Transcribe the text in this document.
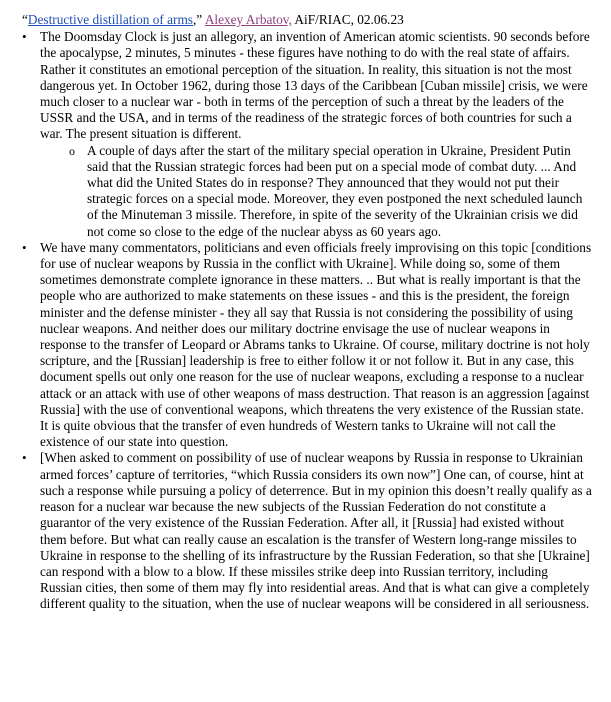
“Destructive distillation of arms,” Alexey Arbatov, AiF/RIAC, 02.06.23

•	The Doomsday Clock is just an allegory, an invention of American atomic scientists. 90 seconds before the apocalypse, 2 minutes, 5 minutes - these figures have nothing to do with the real state of affairs. Rather it constitutes an emotional perception of the situation. In reality, this situation is not the most dangerous yet. In October 1962, during those 13 days of the Caribbean [Cuban missile] crisis, we were much closer to a nuclear war - both in terms of the perception of such a threat by the leaders of the USSR and the USA, and in terms of the readiness of the strategic forces of both countries for such a war. The present situation is different.

o A couple of days after the start of the military special operation in Ukraine, President Putin said that the Russian strategic forces had been put on a special mode of combat duty. ... And what did the United States do in response? They announced that they would not put their strategic forces on a special mode. Moreover, they even postponed the next scheduled launch of the Minuteman 3 missile. Therefore, in spite of the severity of the Ukrainian crisis we did not come so close to the edge of the nuclear abyss as 60 years ago.

•	We have many commentators, politicians and even officials freely improvising on this topic [conditions for use of nuclear weapons by Russia in the conflict with Ukraine]. While doing so, some of them sometimes demonstrate complete ignorance in these matters. .. But what is really important is that the people who are authorized to make statements on these issues - and this is the president, the foreign minister and the defense minister - they all say that Russia is not considering the possibility of using nuclear weapons. And neither does our military doctrine envisage the use of nuclear weapons in response to the transfer of Leopard or Abrams tanks to Ukraine. Of course, military doctrine is not holy scripture, and the [Russian] leadership is free to either follow it or not follow it. But in any case, this document spells out only one reason for the use of nuclear weapons, excluding a response to a nuclear attack or an attack with use of other weapons of mass destruction. That reason is an aggression [against Russia] with the use of conventional weapons, which threatens the very existence of the Russian state. It is quite obvious that the transfer of even hundreds of Western tanks to Ukraine will not call the existence of our state into question.

•	[When asked to comment on possibility of use of nuclear weapons by Russia in response to Ukrainian armed forces’ capture of territories, “which Russia considers its own now”] One can, of course, hint at such a response while pursuing a policy of deterrence. But in my opinion this doesn’t really qualify as a reason for a nuclear war because the new subjects of the Russian Federation do not constitute a guarantor of the very existence of the Russian Federation. After all, it [Russia] had existed without them before. But what can really cause an escalation is the transfer of Western long-range missiles to Ukraine in response to the shelling of its infrastructure by the Russian Federation, so that she [Ukraine] can respond with a blow to a blow. If these missiles strike deep into Russian territory, including Russian cities, then some of them may fly into residential areas. And that is what can give a completely different quality to the situation, when the use of nuclear weapons will be considered in all seriousness.
